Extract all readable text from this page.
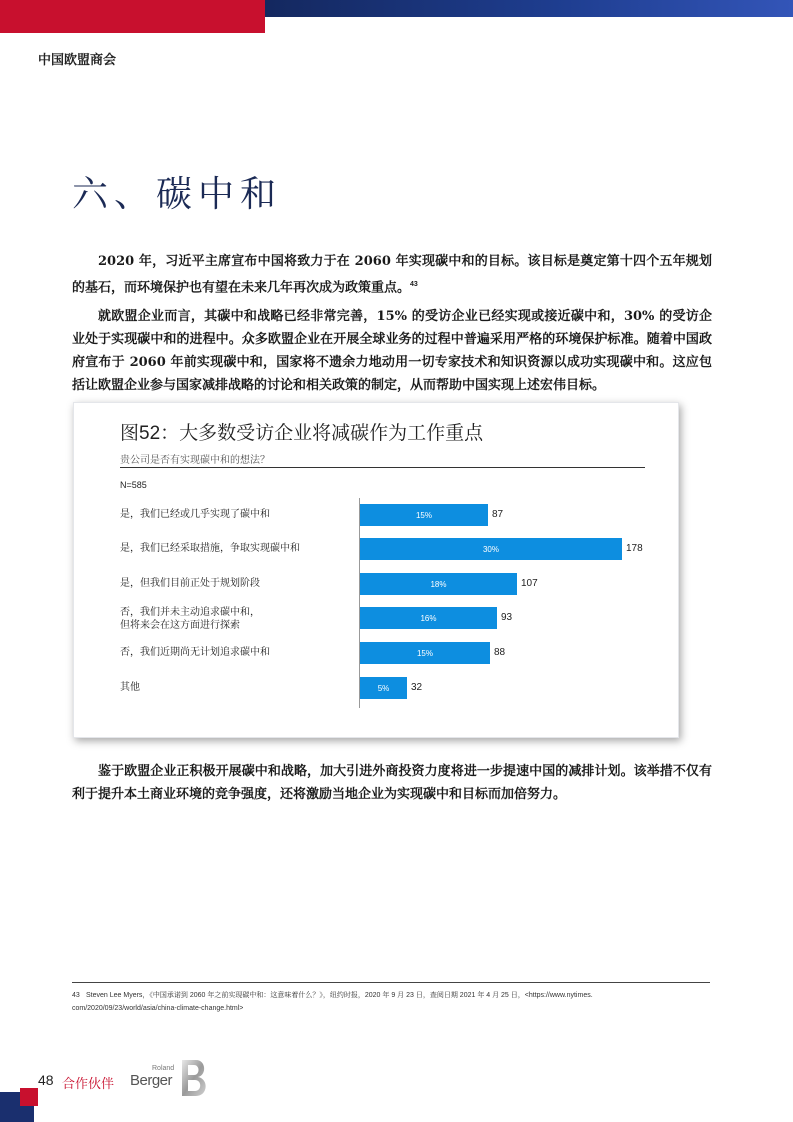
中国欧盟商会
六、碳中和

2020 年，习近平主席宣布中国将致力于在 2060 年实现碳中和的目标。该目标是奠定第十四个五年规划的基石，而环境保护也有望在未来几年再次成为政策重点。$^{43}$

就欧盟企业而言，其碳中和战略已经非常完善，15% 的受访企业已经实现或接近碳中和，30% 的受访企业处于实现碳中和的进程中。众多欧盟企业在开展全球业务的过程中普遍采用严格的环境保护标准。随着中国政府宣布于 2060 年前实现碳中和，国家将不遗余力地动用一切专家技术和知识资源以成功实现碳中和。这应包括让欧盟企业参与国家减排战略的讨论和相关政策的制定，从而帮助中国实现上述宏伟目标。

图52：大多数受访企业将减碳作为工作重点
贵公司是否有实现碳中和的想法？
N=585
是，我们已经或几乎实现了碳中和	15%	87
是，我们已经采取措施，争取实现碳中和	30%	178
是，但我们目前正处于规划阶段	18%	107
否，我们并未主动追求碳中和，
但将来会在这方面进行探索
16%	93
否，我们近期尚无计划追求碳中和	15%	88
其他	5% 32

鉴于欧盟企业正积极开展碳中和战略，加大引进外商投资力度将进一步提速中国的减排计划。该举措不仅有利于提升本土商业环境的竞争强度，还将激励当地企业为实现碳中和目标而加倍努力。

43 Steven Lee Myers，《中国承诺到 2060 年之前实现碳中和：这意味着什么？》，纽约时报，2020 年 9 月 23 日，查阅日期 2021 年 4 月 25 日，<https://www.nytimes.
com/2020/09/23/world/asia/china-climate-change.html>
48 合作伙伴
Roland
Berger
